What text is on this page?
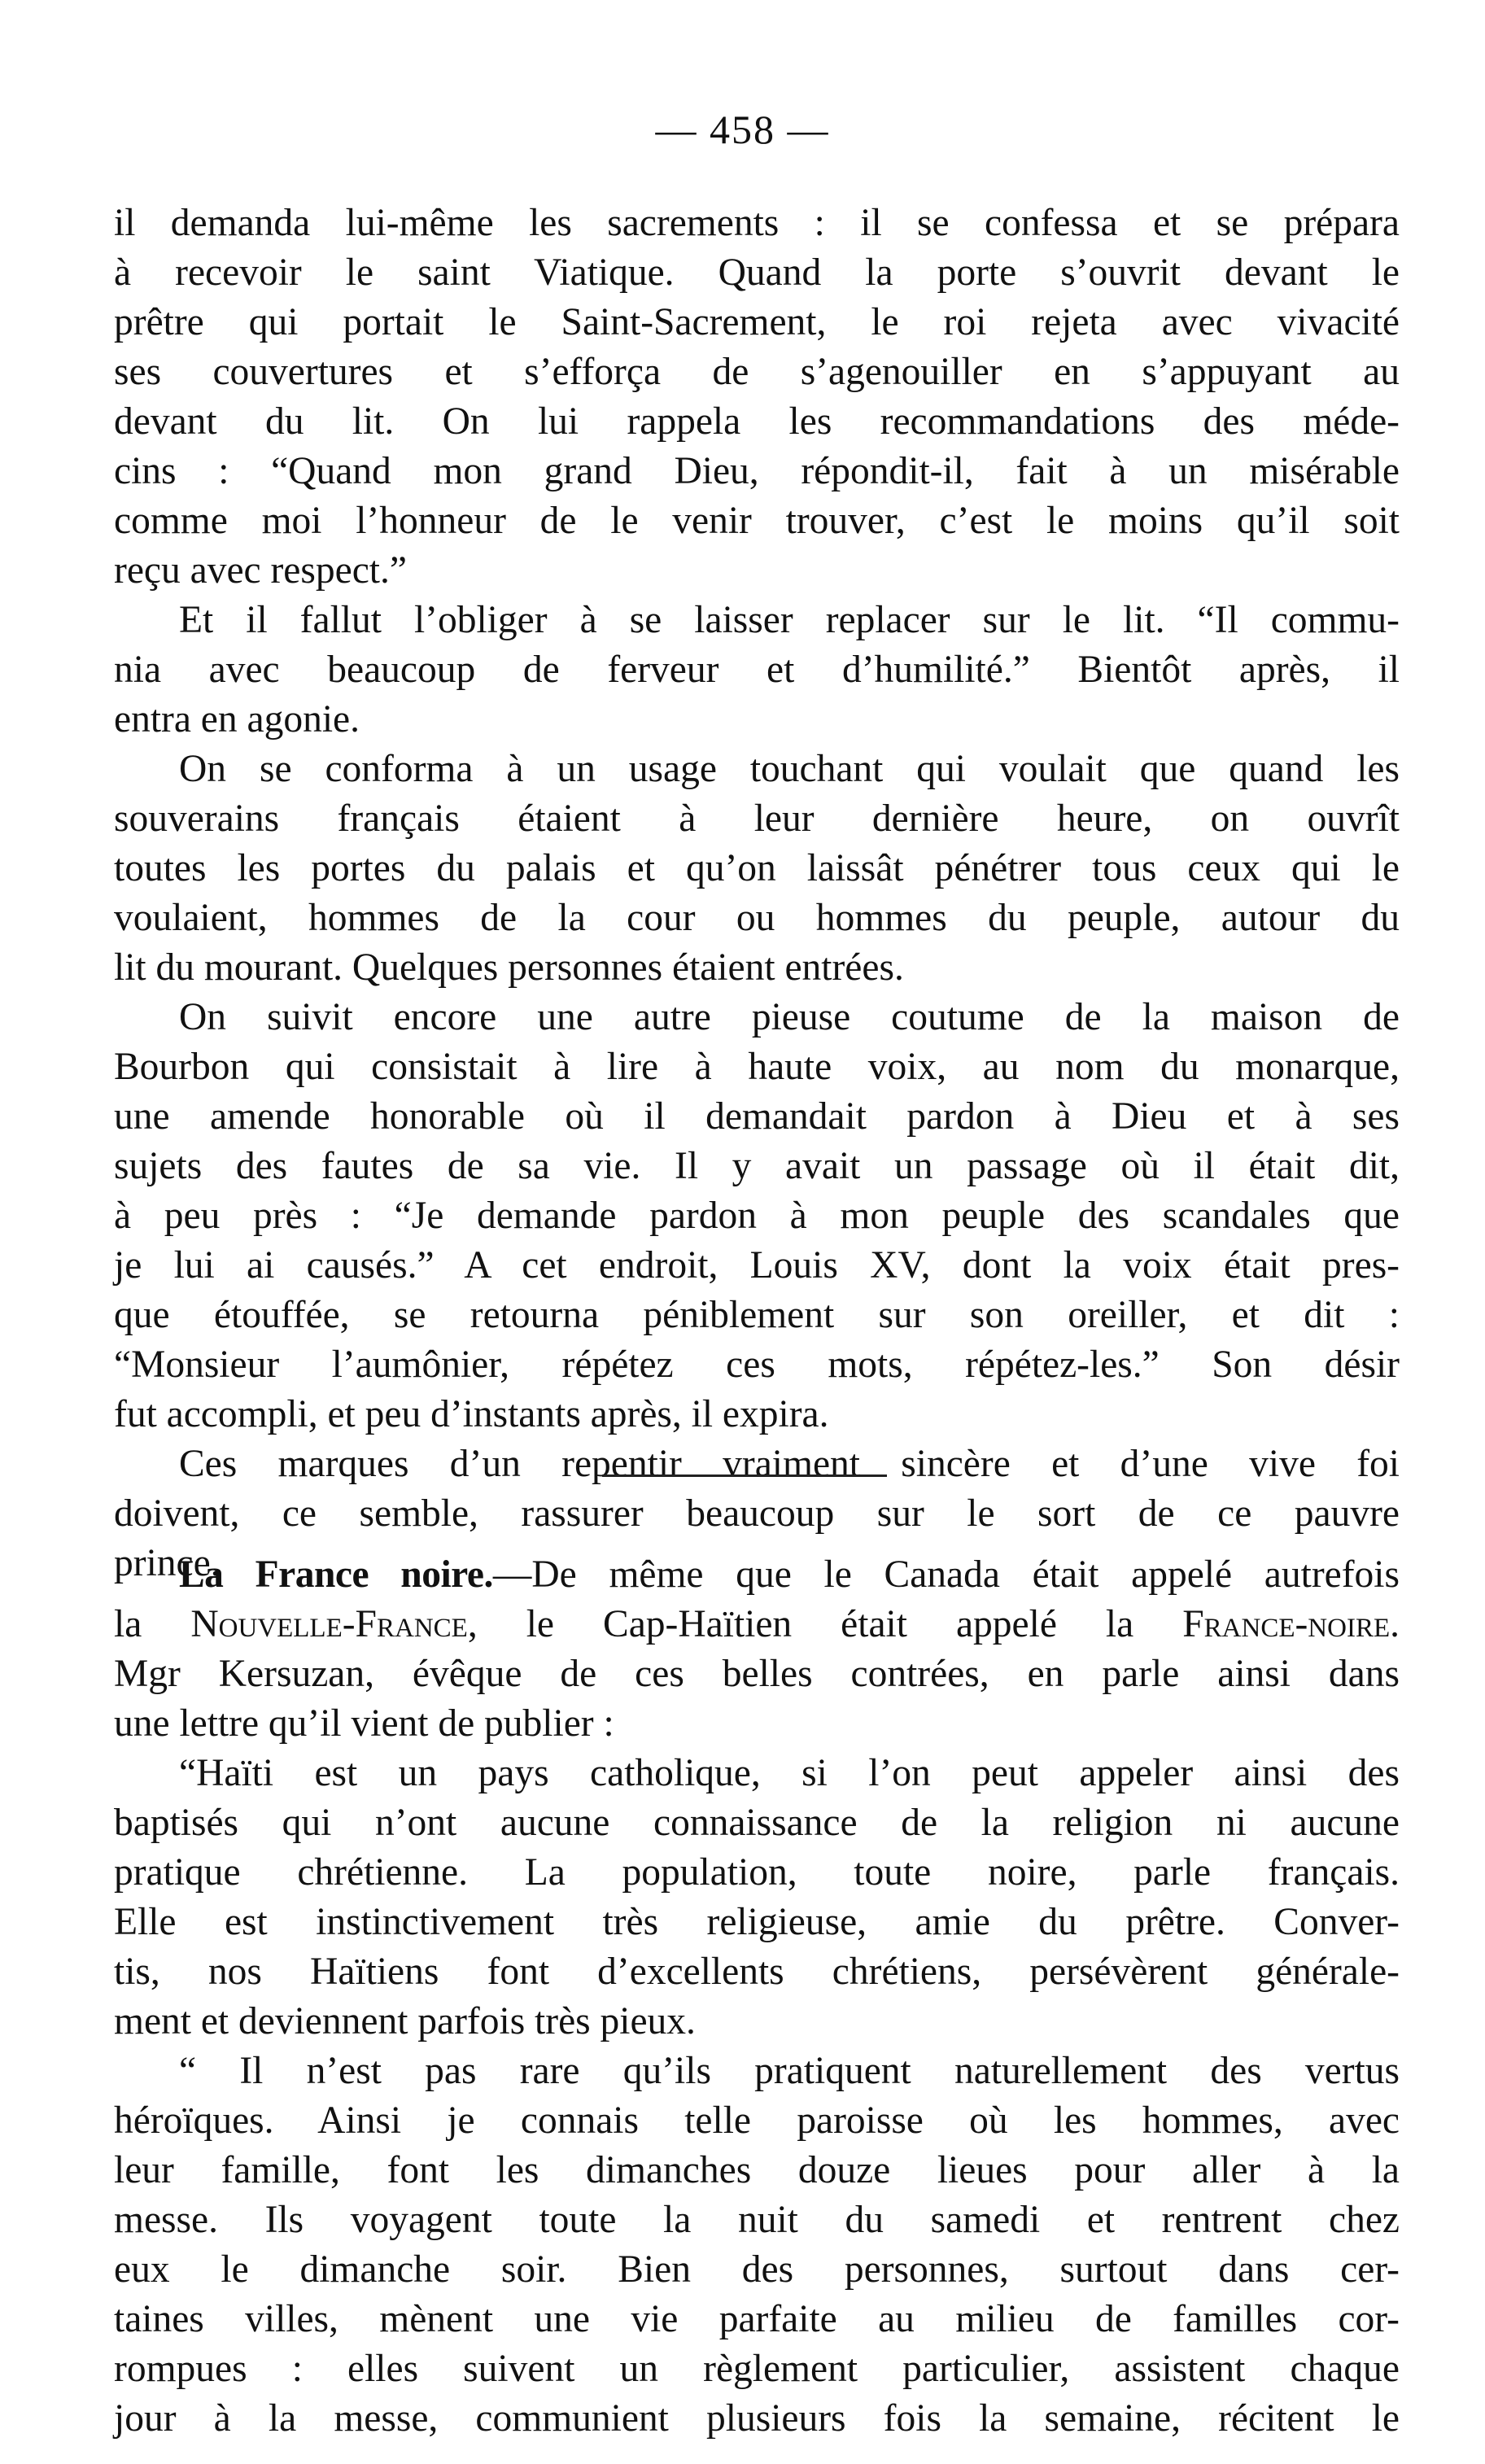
— 458 —
il demanda lui-même les sacrements : il se confessa et se prépara
à recevoir le saint Viatique. Quand la porte s’ouvrit devant le
prêtre qui portait le Saint-Sacrement, le roi rejeta avec vivacité
ses couvertures et s’efforça de s’agenouiller en s’appuyant au
devant du lit. On lui rappela les recommandations des méde-
cins : “Quand mon grand Dieu, répondit-il, fait à un misérable
comme moi l’honneur de le venir trouver, c’est le moins qu’il soit
reçu avec respect.”
Et il fallut l’obliger à se laisser replacer sur le lit. “Il commu-
nia avec beaucoup de ferveur et d’humilité.” Bientôt après, il
entra en agonie.
On se conforma à un usage touchant qui voulait que quand les
souverains français étaient à leur dernière heure, on ouvrît
toutes les portes du palais et qu’on laissât pénétrer tous ceux qui le
voulaient, hommes de la cour ou hommes du peuple, autour du
lit du mourant. Quelques personnes étaient entrées.
On suivit encore une autre pieuse coutume de la maison de
Bourbon qui consistait à lire à haute voix, au nom du monarque,
une amende honorable où il demandait pardon à Dieu et à ses
sujets des fautes de sa vie. Il y avait un passage où il était dit,
à peu près : “Je demande pardon à mon peuple des scandales que
je lui ai causés.” A cet endroit, Louis XV, dont la voix était pres-
que étouffée, se retourna péniblement sur son oreiller, et dit :
“Monsieur l’aumônier, répétez ces mots, répétez-les.” Son désir
fut accompli, et peu d’instants après, il expira.
Ces marques d’un repentir vraiment sincère et d’une vive foi
doivent, ce semble, rassurer beaucoup sur le sort de ce pauvre
prince.
La France noire.—De même que le Canada était appelé autrefois
la Nouvelle-France, le Cap-Haïtien était appelé la France-noire.
Mgr Kersuzan, évêque de ces belles contrées, en parle ainsi dans
une lettre qu’il vient de publier :
“Haïti est un pays catholique, si l’on peut appeler ainsi des
baptisés qui n’ont aucune connaissance de la religion ni aucune
pratique chrétienne. La population, toute noire, parle français.
Elle est instinctivement très religieuse, amie du prêtre. Conver-
tis, nos Haïtiens font d’excellents chrétiens, persévèrent générale-
ment et deviennent parfois très pieux.
“ Il n’est pas rare qu’ils pratiquent naturellement des vertus
héroïques. Ainsi je connais telle paroisse où les hommes, avec
leur famille, font les dimanches douze lieues pour aller à la
messe. Ils voyagent toute la nuit du samedi et rentrent chez
eux le dimanche soir. Bien des personnes, surtout dans cer-
taines villes, mènent une vie parfaite au milieu de familles cor-
rompues : elles suivent un règlement particulier, assistent chaque
jour à la messe, communient plusieurs fois la semaine, récitent le
